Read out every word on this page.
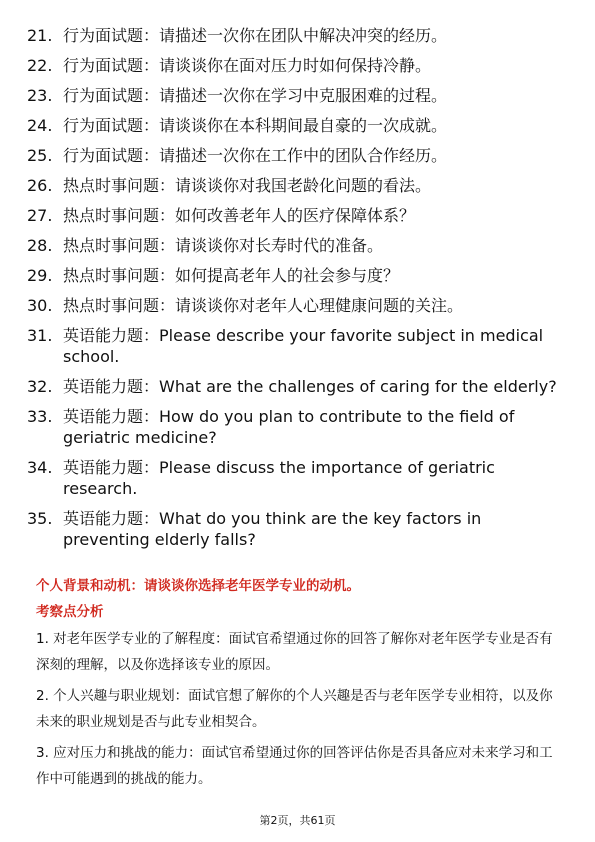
21. 行为面试题：请描述一次你在团队中解决冲突的经历。
22. 行为面试题：请谈谈你在面对压力时如何保持冷静。
23. 行为面试题：请描述一次你在学习中克服困难的过程。
24. 行为面试题：请谈谈你在本科期间最自豪的一次成就。
25. 行为面试题：请描述一次你在工作中的团队合作经历。
26. 热点时事问题：请谈谈你对我国老龄化问题的看法。
27. 热点时事问题：如何改善老年人的医疗保障体系？
28. 热点时事问题：请谈谈你对长寿时代的准备。
29. 热点时事问题：如何提高老年人的社会参与度？
30. 热点时事问题：请谈谈你对老年人心理健康问题的关注。
31. 英语能力题：Please describe your favorite subject in medical school.
32. 英语能力题：What are the challenges of caring for the elderly?
33. 英语能力题：How do you plan to contribute to the field of geriatric medicine?
34. 英语能力题：Please discuss the importance of geriatric research.
35. 英语能力题：What do you think are the key factors in preventing elderly falls?
个人背景和动机：请谈谈你选择老年医学专业的动机。
考察点分析
1. 对老年医学专业的了解程度：面试官希望通过你的回答了解你对老年医学专业是否有深刻的理解，以及你选择该专业的原因。
2. 个人兴趣与职业规划：面试官想了解你的个人兴趣是否与老年医学专业相符，以及你未来的职业规划是否与此专业相契合。
3. 应对压力和挑战的能力：面试官希望通过你的回答评估你是否具备应对未来学习和工作中可能遇到的挑战的能力。
第2页，共61页
